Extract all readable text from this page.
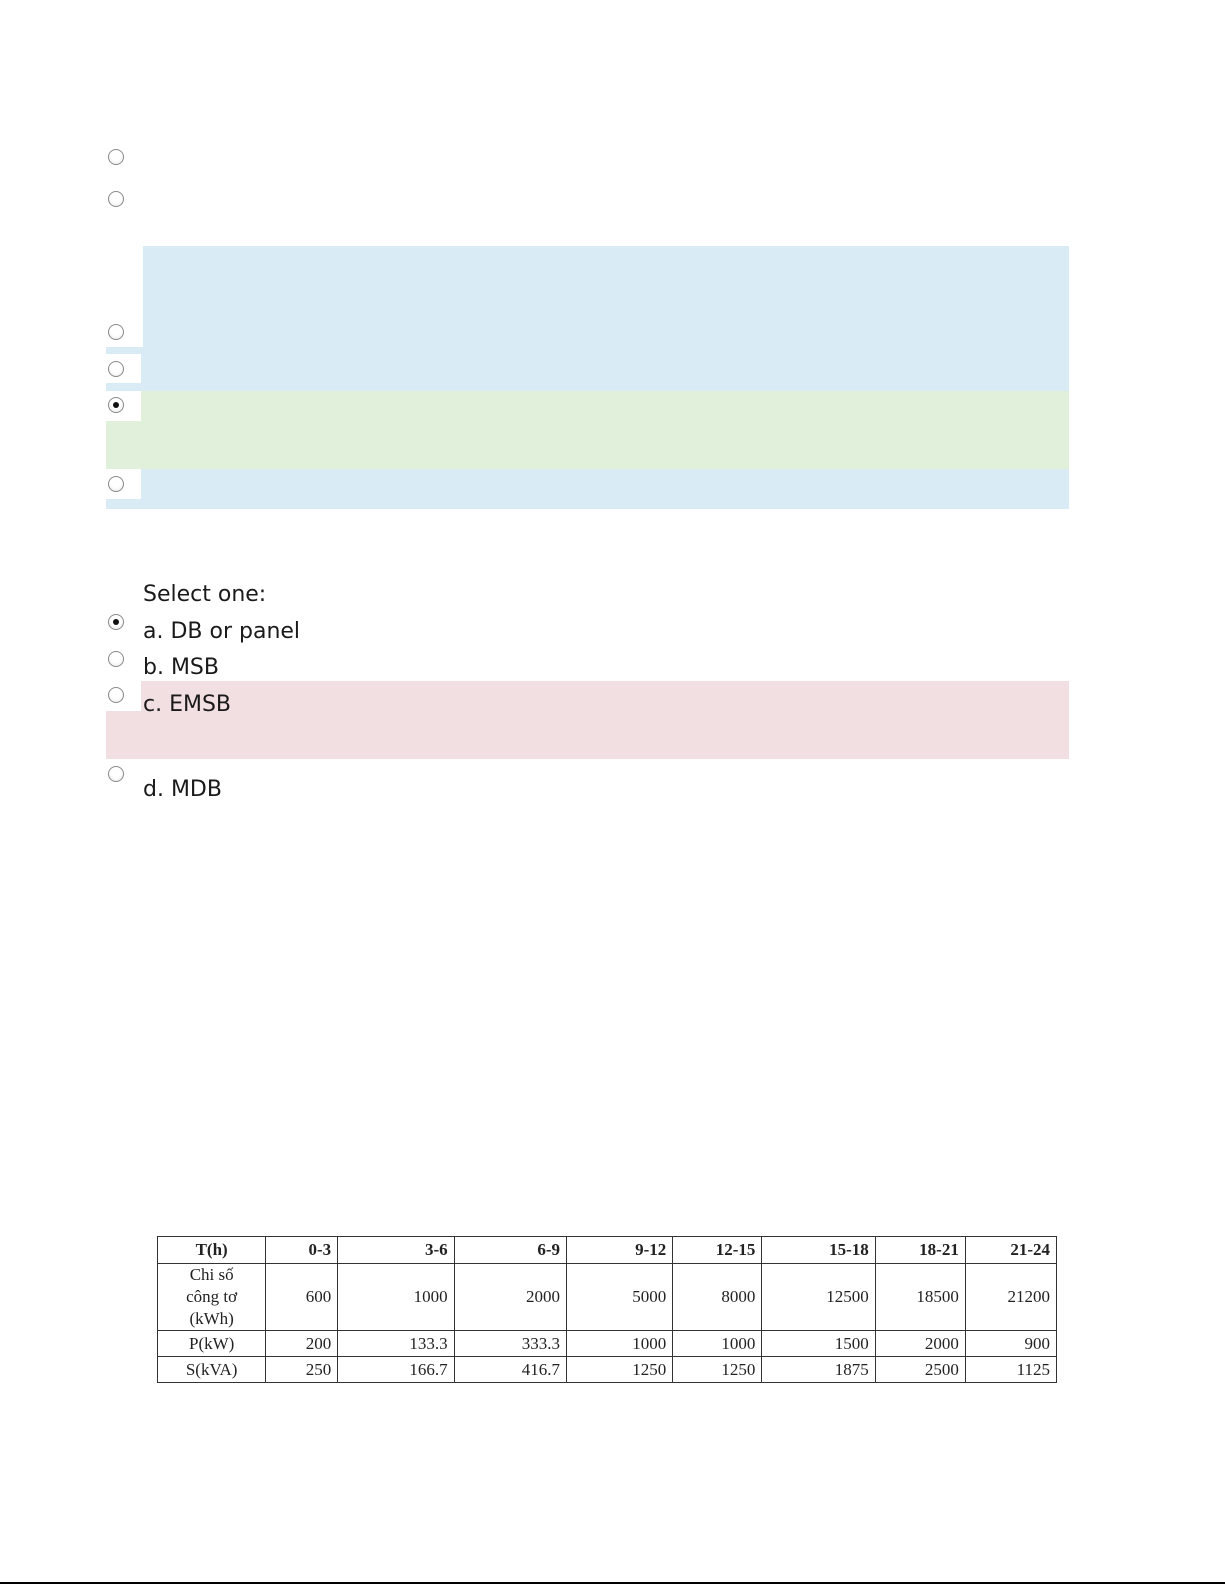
Select one:
a. DB or panel
b. MSB
c. EMSB
d. MDB
T(h)	0-3	3-6	6-9	9-12	12-15	15-18	18-21	21-24

Chi số
công tơ
(kWh)	600	1000	2000	5000	8000	12500	18500	21200
P(kW)	200	133.3	333.3	1000	1000	1500	2000	900
S(kVA)	250	166.7	416.7	1250	1250	1875	2500	1125
